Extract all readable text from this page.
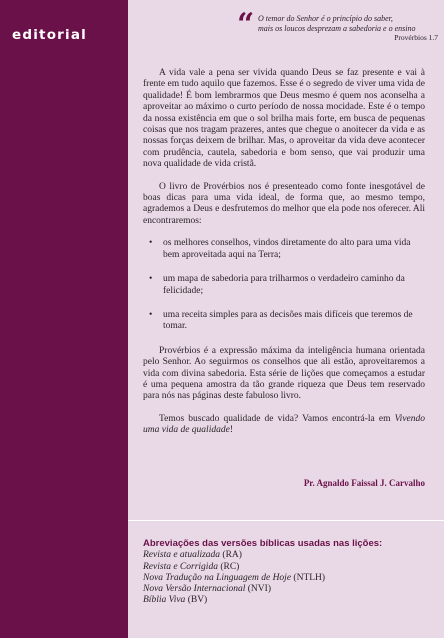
editorial	“ O temor do Senhor é o princípio do saber,
mais os loucos desprezam a sabedoria e o ensino
Provérbios 1.7

A vida vale a pena ser vivida quando Deus se faz presente e vai à frente em tudo aquilo que fazemos. Esse é o segredo de viver uma vida de qualidade! É bom lembrarmos que Deus mesmo é quem nos aconselha a aproveitar ao máximo o curto período de nossa mocidade. Este é o tempo da nossa existência em que o sol brilha mais forte, em busca de pequenas coisas que nos tragam prazeres, antes que chegue o anoitecer da vida e as nossas forças deixem de brilhar. Mas, o aproveitar da vida deve acontecer com prudência, cautela, sabedoria e bom senso, que vai produzir uma nova qualidade de vida cristã.

O livro de Provérbios nos é presenteado como fonte inesgotável de boas dicas para uma vida ideal, de forma que, ao mesmo tempo, agrademos a Deus e desfrutemos do melhor que ela pode nos oferecer. Ali encontraremos:

• os melhores conselhos, vindos diretamente do alto para uma vida bem aproveitada aqui na Terra;
• um mapa de sabedoria para trilharmos o verdadeiro caminho da felicidade;
• uma receita simples para as decisões mais difíceis que teremos de tomar.

Provérbios é a expressão máxima da inteligência humana orientada pelo Senhor. Ao seguirmos os conselhos que ali estão, aproveitaremos a vida com divina sabedoria. Esta série de lições que começamos a estudar é uma pequena amostra da tão grande riqueza que Deus tem reservado para nós nas páginas deste fabuloso livro.

Temos buscado qualidade de vida? Vamos encontrá-la em Vivendo uma vida de qualidade!

Pr. Agnaldo Faissal J. Carvalho
Abreviações das versões bíblicas usadas nas lições:
Revista e atualizada (RA)
Revista e Corrigida (RC)
Nova Tradução na Linguagem de Hoje (NTLH)
Nova Versão Internacional (NVI)
Bíblia Viva (BV)
